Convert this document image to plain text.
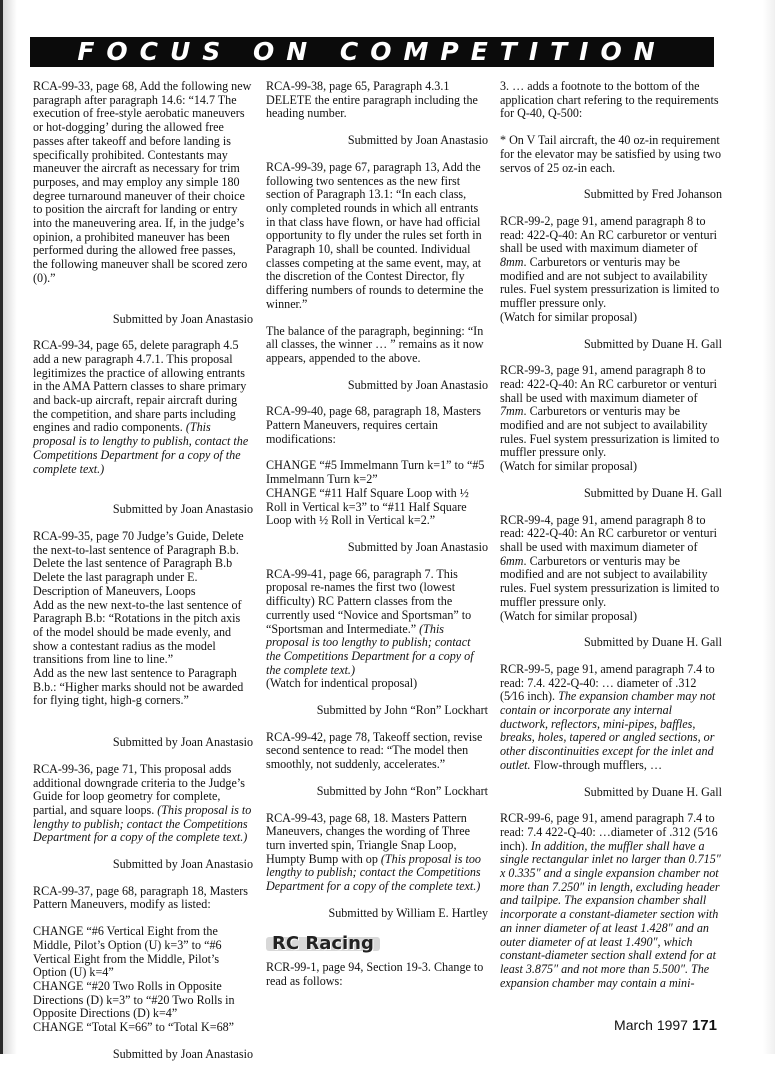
FOCUS ON COMPETITION

RCA-99-33, page 68, Add the following new paragraph after paragraph 14.6: “14.7 The execution of free-style aerobatic maneuvers or hot-dogging’ during the allowed free passes after takeoff and before landing is specifically prohibited. Contestants may maneuver the aircraft as necessary for trim purposes, and may employ any simple 180 degree turnaround maneuver of their choice to position the aircraft for landing or entry into the maneuvering area. If, in the judge’s opinion, a prohibited maneuver has been performed during the allowed free passes, the following maneuver shall be scored zero (0).”

Submitted by Joan Anastasio

RCA-99-34, page 65, delete paragraph 4.5 add a new paragraph 4.7.1. This proposal legitimizes the practice of allowing entrants in the AMA Pattern classes to share primary and back-up aircraft, repair aircraft during the competition, and share parts including engines and radio components. (This proposal is to lengthy to publish, contact the Competitions Department for a copy of the complete text.)

Submitted by Joan Anastasio

RCA-99-35, page 70 Judge’s Guide, Delete the next-to-last sentence of Paragraph B.b.
Delete the last sentence of Paragraph B.b
Delete the last paragraph under E. Description of Maneuvers, Loops
Add as the new next-to-the last sentence of Paragraph B.b: “Rotations in the pitch axis of the model should be made evenly, and show a contestant radius as the model transitions from line to line.”
Add as the new last sentence to Paragraph B.b.: “Higher marks should not be awarded for flying tight, high-g corners.”

Submitted by Joan Anastasio

RCA-99-36, page 71, This proposal adds additional downgrade criteria to the Judge’s Guide for loop geometry for complete, partial, and square loops. (This proposal is to lengthy to publish; contact the Competitions Department for a copy of the complete text.)

Submitted by Joan Anastasio

RCA-99-37, page 68, paragraph 18, Masters Pattern Maneuvers, modify as listed:

CHANGE “#6 Vertical Eight from the Middle, Pilot’s Option (U) k=3” to “#6 Vertical Eight from the Middle, Pilot’s Option (U) k=4”
CHANGE “#20 Two Rolls in Opposite Directions (D) k=3” to “#20 Two Rolls in Opposite Directions (D) k=4”
CHANGE “Total K=66” to “Total K=68”

Submitted by Joan Anastasio

RCA-99-38, page 65, Paragraph 4.3.1 DELETE the entire paragraph including the heading number.

Submitted by Joan Anastasio

RCA-99-39, page 67, paragraph 13, Add the following two sentences as the new first section of Paragraph 13.1: “In each class, only completed rounds in which all entrants in that class have flown, or have had official opportunity to fly under the rules set forth in Paragraph 10, shall be counted. Individual classes competing at the same event, may, at the discretion of the Contest Director, fly differing numbers of rounds to determine the winner.”

The balance of the paragraph, beginning: “In all classes, the winner … ” remains as it now appears, appended to the above.

Submitted by Joan Anastasio

RCA-99-40, page 68, paragraph 18, Masters Pattern Maneuvers, requires certain modifications:

CHANGE “#5 Immelmann Turn k=1” to “#5 Immelmann Turn k=2”
CHANGE “#11 Half Square Loop with ½ Roll in Vertical k=3” to “#11 Half Square Loop with ½ Roll in Vertical k=2.”

Submitted by Joan Anastasio

RCA-99-41, page 66, paragraph 7. This proposal re-names the first two (lowest difficulty) RC Pattern classes from the currently used “Novice and Sportsman” to “Sportsman and Intermediate.” (This proposal is too lengthy to publish; contact the Competitions Department for a copy of the complete text.)
(Watch for indentical proposal)

Submitted by John “Ron” Lockhart

RCA-99-42, page 78, Takeoff section, revise second sentence to read: “The model then smoothly, not suddenly, accelerates.”

Submitted by John “Ron” Lockhart

RCA-99-43, page 68, 18. Masters Pattern Maneuvers, changes the wording of Three turn inverted spin, Triangle Snap Loop, Humpty Bump with op (This proposal is too lengthy to publish; contact the Competitions Department for a copy of the complete text.)

Submitted by William E. Hartley

RC Racing

RCR-99-1, page 94, Section 19-3. Change to read as follows:

3. … adds a footnote to the bottom of the application chart refering to the requirements for Q-40, Q-500:

* On V Tail aircraft, the 40 oz-in requirement for the elevator may be satisfied by using two servos of 25 oz-in each.

Submitted by Fred Johanson

RCR-99-2, page 91, amend paragraph 8 to read: 422-Q-40: An RC carburetor or venturi shall be used with maximum diameter of 8mm. Carburetors or venturis may be modified and are not subject to availability rules. Fuel system pressurization is limited to muffler pressure only.
(Watch for similar proposal)

Submitted by Duane H. Gall

RCR-99-3, page 91, amend paragraph 8 to read: 422-Q-40: An RC carburetor or venturi shall be used with maximum diameter of 7mm. Carburetors or venturis may be modified and are not subject to availability rules. Fuel system pressurization is limited to muffler pressure only.
(Watch for similar proposal)

Submitted by Duane H. Gall

RCR-99-4, page 91, amend paragraph 8 to read: 422-Q-40: An RC carburetor or venturi shall be used with maximum diameter of 6mm. Carburetors or venturis may be modified and are not subject to availability rules. Fuel system pressurization is limited to muffler pressure only.
(Watch for similar proposal)

Submitted by Duane H. Gall

RCR-99-5, page 91, amend paragraph 7.4 to read: 7.4. 422-Q-40: … diameter of .312 (5⁄16 inch). The expansion chamber may not contain or incorporate any internal ductwork, reflectors, mini-pipes, baffles, breaks, holes, tapered or angled sections, or other discontinuities except for the inlet and outlet. Flow-through mufflers, …

Submitted by Duane H. Gall

RCR-99-6, page 91, amend paragraph 7.4 to read: 7.4 422-Q-40: …diameter of .312 (5⁄16 inch). In addition, the muffler shall have a single rectangular inlet no larger than 0.715″ x 0.335″ and a single expansion chamber not more than 7.250″ in length, excluding header and tailpipe. The expansion chamber shall incorporate a constant-diameter section with an inner diameter of at least 1.428″ and an outer diameter of at least 1.490″, which constant-diameter section shall extend for at least 3.875″ and not more than 5.500″. The expansion chamber may contain a mini-

March 1997 171
